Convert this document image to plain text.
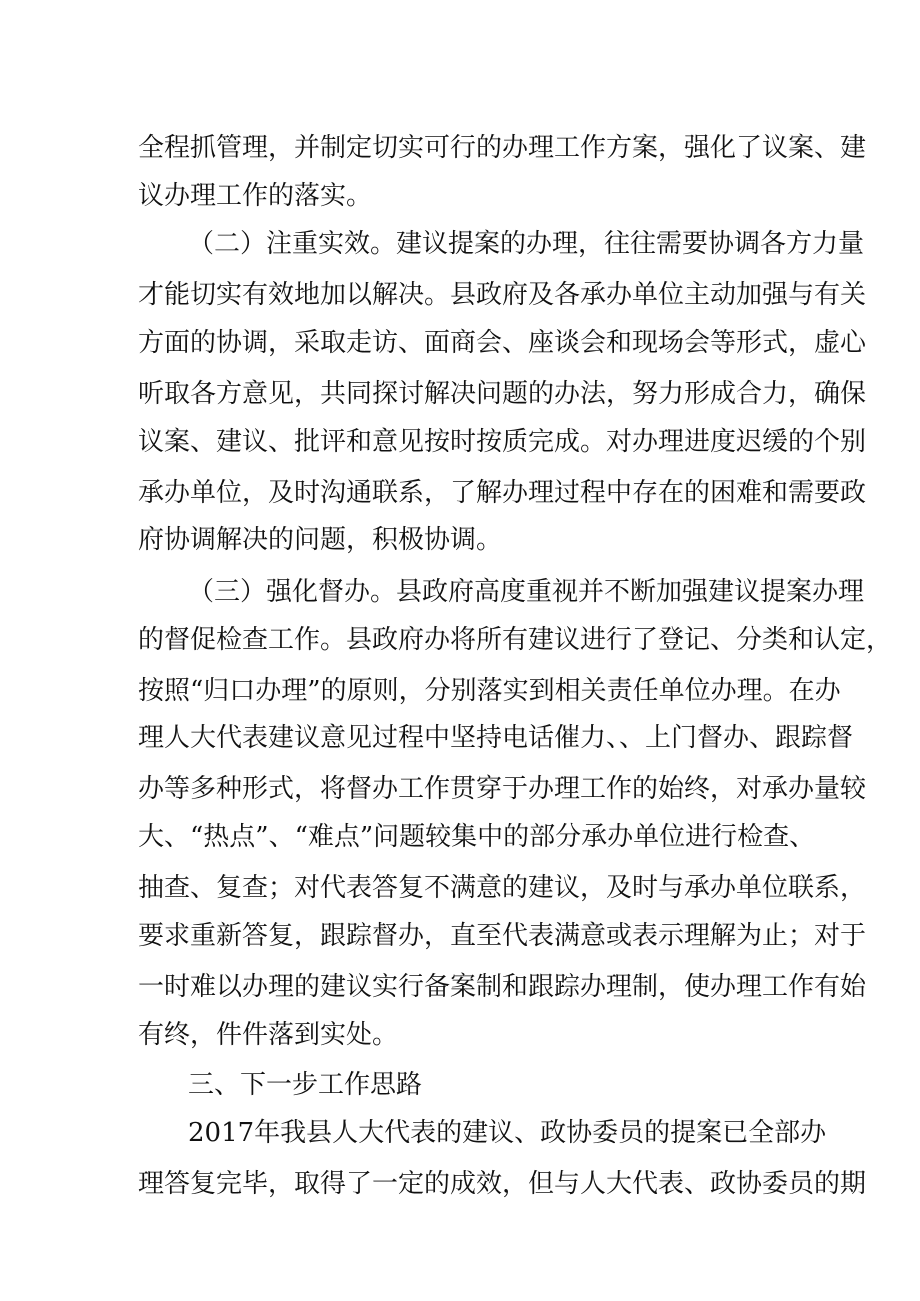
全程抓管理，并制定切实可行的办理工作方案，强化了议案、建
议办理工作的落实。
（二）注重实效。建议提案的办理，往往需要协调各方力量
才能切实有效地加以解决。县政府及各承办单位主动加强与有关
方面的协调，采取走访、面商会、座谈会和现场会等形式，虚心
听取各方意见，共同探讨解决问题的办法，努力形成合力，确保
议案、建议、批评和意见按时按质完成。对办理进度迟缓的个别
承办单位，及时沟通联系，了解办理过程中存在的困难和需要政
府协调解决的问题，积极协调。
（三）强化督办。县政府高度重视并不断加强建议提案办理
的督促检查工作。县政府办将所有建议进行了登记、分类和认定，
按照“归口办理”的原则，分别落实到相关责任单位办理。在办
理人大代表建议意见过程中坚持电话催力、、上门督办、跟踪督
办等多种形式，将督办工作贯穿于办理工作的始终，对承办量较
大、“热点”、“难点”问题较集中的部分承办单位进行检查、
抽查、复查；对代表答复不满意的建议，及时与承办单位联系，
要求重新答复，跟踪督办，直至代表满意或表示理解为止；对于
一时难以办理的建议实行备案制和跟踪办理制，使办理工作有始
有终，件件落到实处。
三、下一步工作思路
2017年我县人大代表的建议、政协委员的提案已全部办
理答复完毕，取得了一定的成效，但与人大代表、政协委员的期
